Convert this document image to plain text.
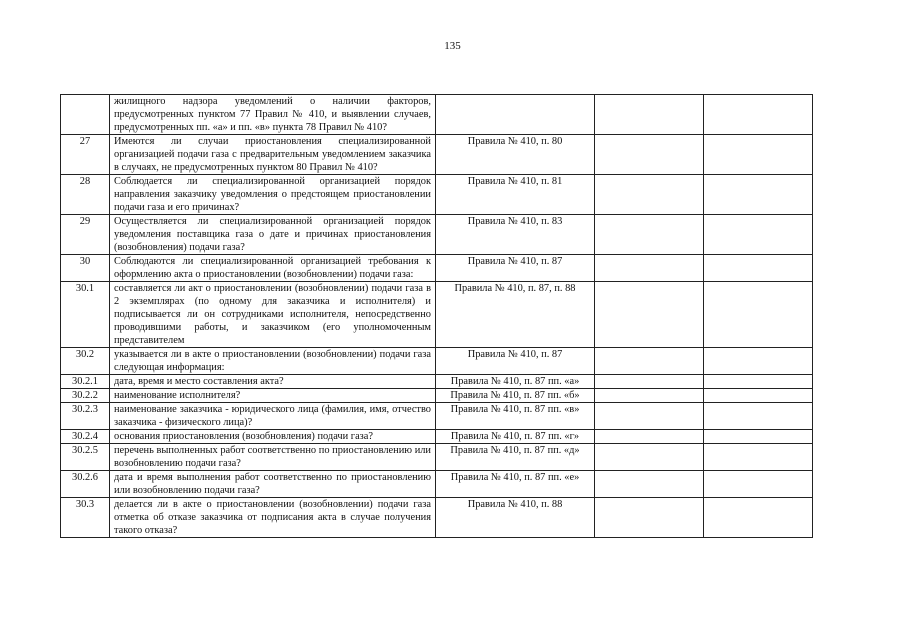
135
	жилищного надзора уведомлений о наличии факторов, предусмотренных пунктом 77 Правил № 410, и выявлении случаев, предусмотренных пп. «а» и пп. «в» пункта 78 Правил № 410?			
27	Имеются ли случаи приостановления специализированной организацией подачи газа с предварительным уведомлением заказчика в случаях, не предусмотренных пунктом 80 Правил № 410?	Правила № 410, п. 80		
28	Соблюдается ли специализированной организацией порядок направления заказчику уведомления о предстоящем приостановлении подачи газа и его причинах?	Правила № 410, п. 81		
29	Осуществляется ли специализированной организацией порядок уведомления поставщика газа о дате и причинах приостановления (возобновления) подачи газа?	Правила № 410, п. 83		
30	Соблюдаются ли специализированной организацией требования к оформлению акта о приостановлении (возобновлении) подачи газа:	Правила № 410, п. 87		
30.1	составляется ли акт о приостановлении (возобновлении) подачи газа в 2 экземплярах (по одному для заказчика и исполнителя) и подписывается ли он сотрудниками исполнителя, непосредственно проводившими работы, и заказчиком (его уполномоченным представителем	Правила № 410, п. 87, п. 88		
30.2	указывается ли в акте о приостановлении (возобновлении) подачи газа следующая информация:	Правила № 410, п. 87		
30.2.1	дата, время и место составления акта?	Правила № 410, п. 87 пп. «а»		
30.2.2	наименование исполнителя?	Правила № 410, п. 87 пп. «б»		
30.2.3	наименование заказчика - юридического лица (фамилия, имя, отчество заказчика - физического лица)?	Правила № 410, п. 87 пп. «в»		
30.2.4	основания приостановления (возобновления) подачи газа?	Правила № 410, п. 87 пп. «г»		
30.2.5	перечень выполненных работ соответственно по приостановлению или возобновлению подачи газа?	Правила № 410, п. 87 пп. «д»		
30.2.6	дата и время выполнения работ соответственно по приостановлению или возобновлению подачи газа?	Правила № 410, п. 87 пп. «е»		
30.3	делается ли в акте о приостановлении (возобновлении) подачи газа отметка об отказе заказчика от подписания акта в случае получения такого отказа?	Правила № 410, п. 88		
